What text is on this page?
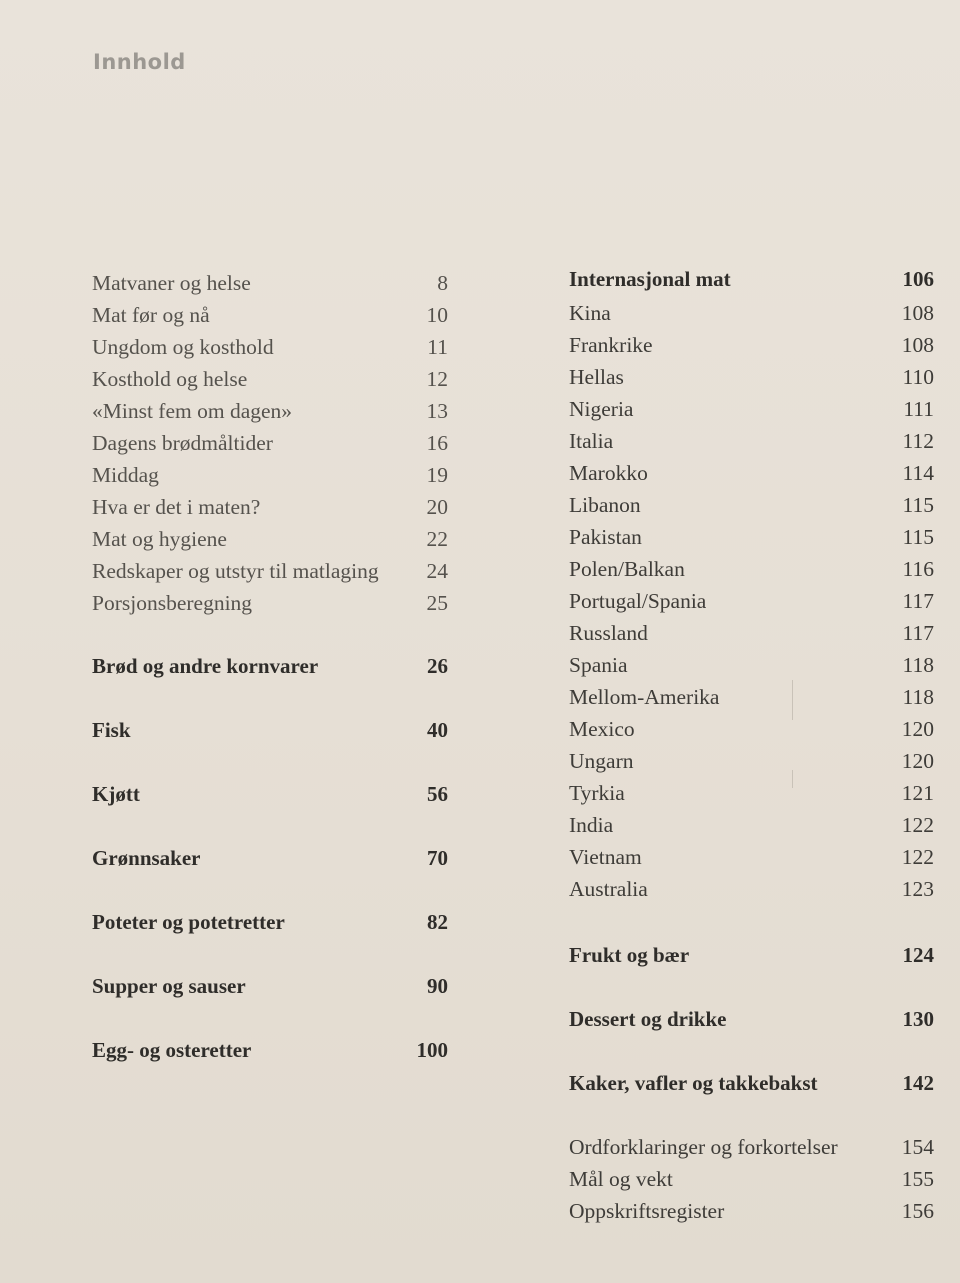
Innhold
Matvaner og helse	8
Mat før og nå	10
Ungdom og kosthold	11
Kosthold og helse	12
«Minst fem om dagen»	13
Dagens brødmåltider	16
Middag	19
Hva er det i maten?	20
Mat og hygiene	22
Redskaper og utstyr til matlaging 24
Porsjonsberegning	25
Brød og andre kornvarer	26
Fisk	40
Kjøtt	56
Grønnsaker	70
Poteter og potetretter	82
Supper og sauser	90
Egg- og osteretter	100
Internasjonal mat	106
Kina	108
Frankrike	108
Hellas	110
Nigeria	111
Italia	112
Marokko	114
Libanon	115
Pakistan	115
Polen/Balkan	116
Portugal/Spania	117
Russland	117
Spania	118
Mellom-Amerika	118
Mexico	120
Ungarn	120
Tyrkia	121
India	122
Vietnam	122
Australia	123
Frukt og bær	124
Dessert og drikke	130
Kaker, vafler og takkebakst	142
Ordforklaringer og forkortelser	154
Mål og vekt	155
Oppskriftsregister	156
